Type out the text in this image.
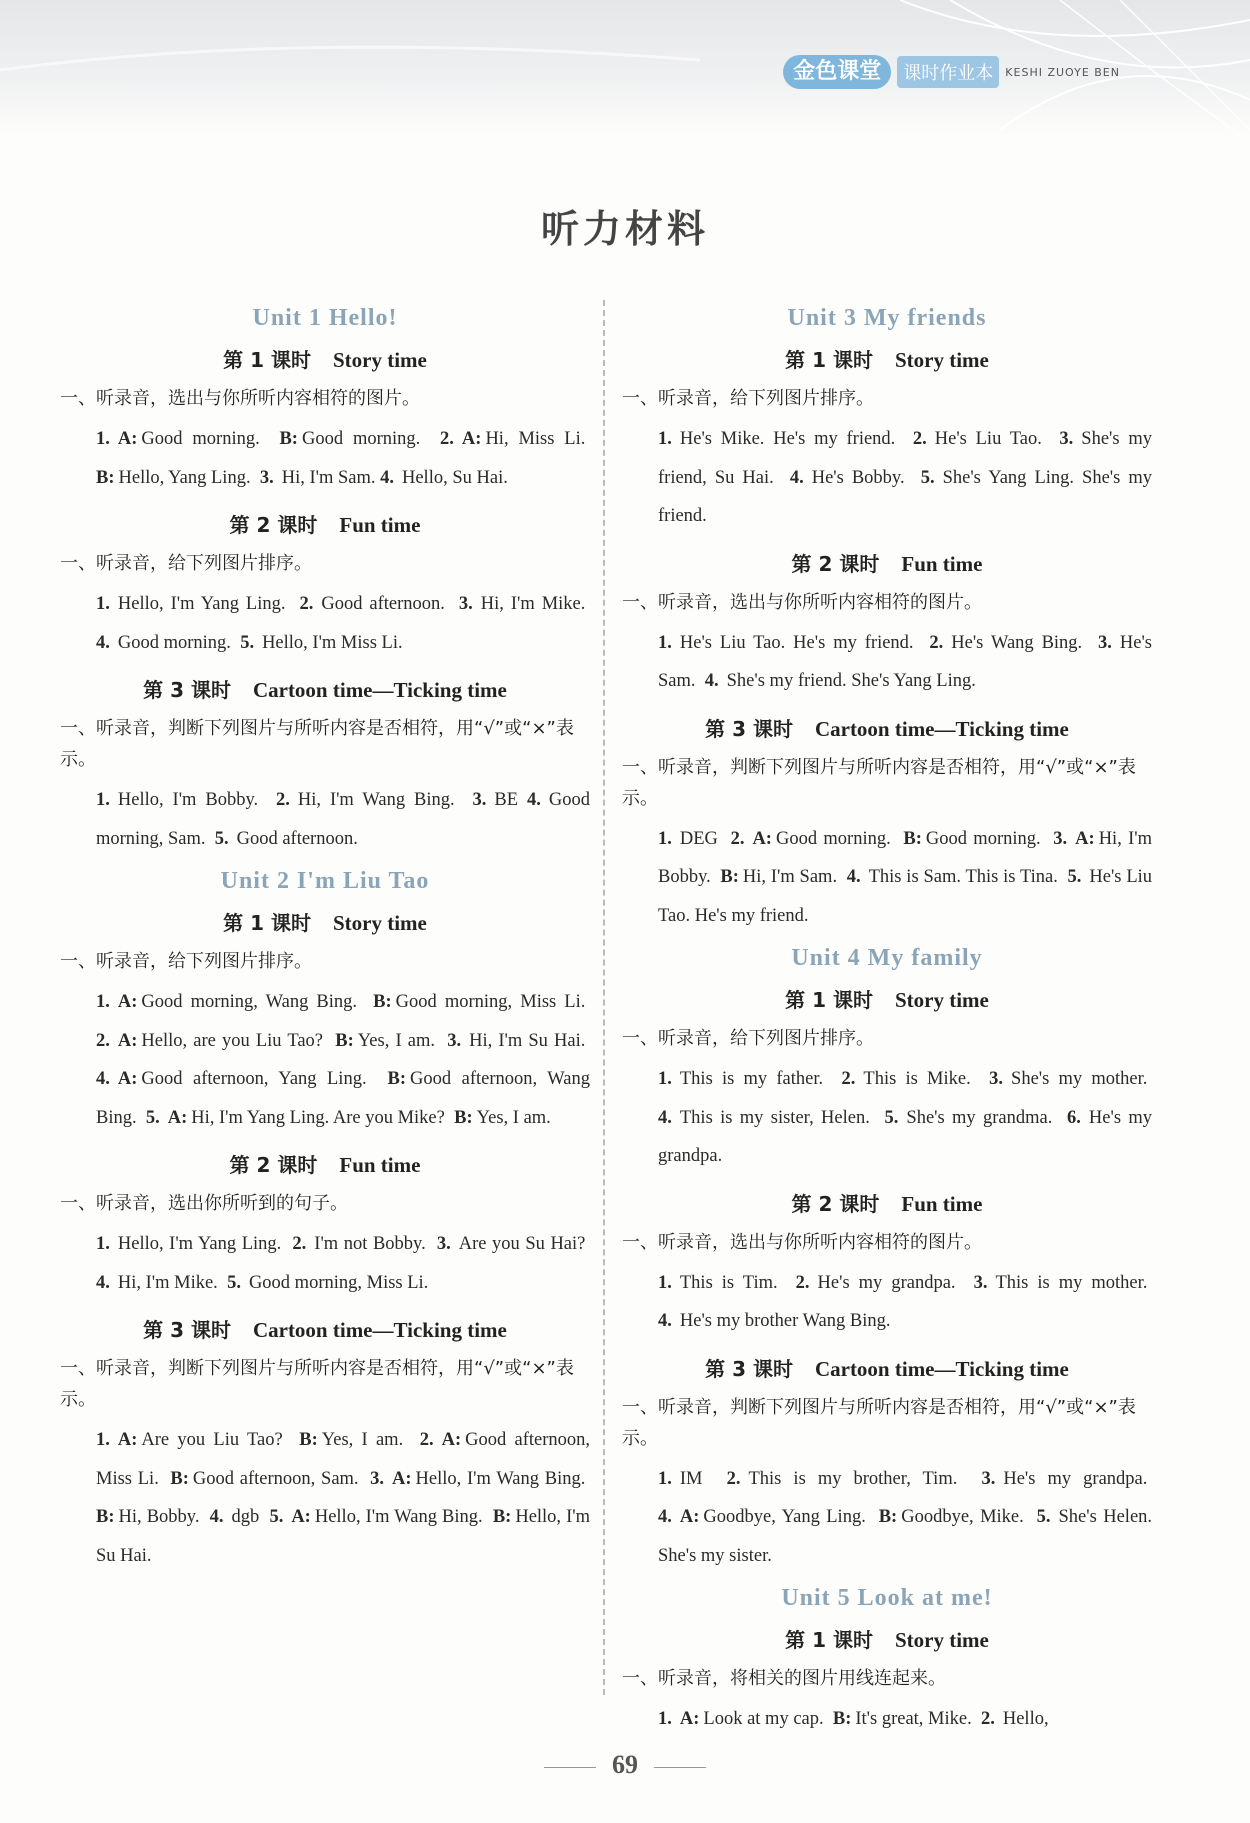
金色课堂	课时作业本	KESHI ZUOYE BEN
听力材料
Unit 1 Hello!
第 1 课时 Story time
一、听录音，选出与你所听内容相符的图片。

1. A: Good morning. B: Good morning. 2. A: Hi, Miss Li.  B: Hello, Yang Ling. 3. Hi, I'm Sam. 4. Hello, Su Hai.

第 2 课时 Fun time
一、听录音，给下列图片排序。

1. Hello, I'm Yang Ling. 2. Good afternoon. 3. Hi, I'm Mike.  4. Good morning. 5. Hello, I'm Miss Li.

第 3 课时 Cartoon time—Ticking time
一、听录音，判断下列图片与所听内容是否相符，用“√”或“×”表示。

1. Hello, I'm Bobby. 2. Hi, I'm Wang Bing. 3. BE 4. Good morning, Sam. 5. Good afternoon.

Unit 2 I'm Liu Tao
第 1 课时 Story time
一、听录音，给下列图片排序。

1. A: Good morning, Wang Bing. B: Good morning, Miss Li.  2. A: Hello, are you Liu Tao? B: Yes, I am. 3. Hi, I'm Su Hai.  4. A: Good afternoon, Yang Ling. B: Good afternoon, Wang Bing. 5. A: Hi, I'm Yang Ling. Are you Mike? B: Yes, I am.

第 2 课时 Fun time
一、听录音，选出你所听到的句子。

1. Hello, I'm Yang Ling. 2. I'm not Bobby. 3. Are you Su Hai?  4. Hi, I'm Mike. 5. Good morning, Miss Li.

第 3 课时 Cartoon time—Ticking time
一、听录音，判断下列图片与所听内容是否相符，用“√”或“×”表示。

1. A: Are you Liu Tao? B: Yes, I am. 2. A: Good afternoon, Miss Li. B: Good afternoon, Sam. 3. A: Hello, I'm Wang Bing.  B: Hi, Bobby. 4. dgb 5. A: Hello, I'm Wang Bing. B: Hello, I'm Su Hai.

Unit 3 My friends
第 1 课时 Story time
一、听录音，给下列图片排序。

1. He's Mike. He's my friend. 2. He's Liu Tao. 3. She's my friend, Su Hai. 4. He's Bobby. 5. She's Yang Ling. She's my friend.

第 2 课时 Fun time
一、听录音，选出与你所听内容相符的图片。

1. He's Liu Tao. He's my friend. 2. He's Wang Bing. 3. He's Sam. 4. She's my friend. She's Yang Ling.

第 3 课时 Cartoon time—Ticking time
一、听录音，判断下列图片与所听内容是否相符，用“√”或“×”表示。

1. DEG 2. A: Good morning. B: Good morning. 3. A: Hi, I'm Bobby. B: Hi, I'm Sam. 4. This is Sam. This is Tina. 5. He's Liu Tao. He's my friend.

Unit 4 My family
第 1 课时 Story time
一、听录音，给下列图片排序。

1. This is my father. 2. This is Mike. 3. She's my mother.  4. This is my sister, Helen. 5. She's my grandma. 6. He's my grandpa.

第 2 课时 Fun time
一、听录音，选出与你所听内容相符的图片。

1. This is Tim. 2. He's my grandpa. 3. This is my mother.  4. He's my brother Wang Bing.

第 3 课时 Cartoon time—Ticking time
一、听录音，判断下列图片与所听内容是否相符，用“√”或“×”表示。

1. IM 2. This is my brother, Tim. 3. He's my grandpa.  4. A: Goodbye, Yang Ling. B: Goodbye, Mike. 5. She's Helen. She's my sister.

Unit 5 Look at me!
第 1 课时 Story time
一、听录音，将相关的图片用线连起来。

1. A: Look at my cap. B: It's great, Mike. 2. Hello,

69
